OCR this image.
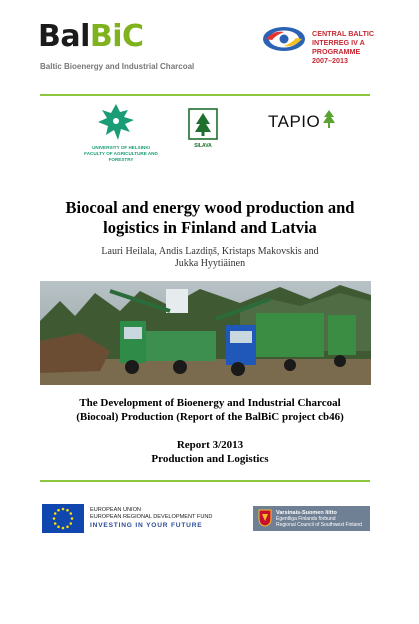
BalBiC
Baltic Bioenergy and Industrial Charcoal
CENTRAL BALTIC
INTERREG IV A
PROGRAMME
2007–2013
UNIVERSITY OF HELSINKI
FACULTY OF AGRICULTURE AND FORESTRY
SILAVA
TAPIO
Biocoal and energy wood production and
logistics in Finland and Latvia
Lauri Heilala, Andis Lazdiņš, Kristaps Makovskis and
Jukka Hyytiäinen
The Development of Bioenergy and Industrial Charcoal
(Biocoal) Production (Report of the BalBiC project cb46)
Report 3/2013
Production and Logistics
EUROPEAN UNION
EUROPEAN REGIONAL DEVELOPMENT FUND
INVESTING IN YOUR FUTURE
Varsinais-Suomen liitto
Egentliga Finlands förbund
Regional Council of Southwest Finland
